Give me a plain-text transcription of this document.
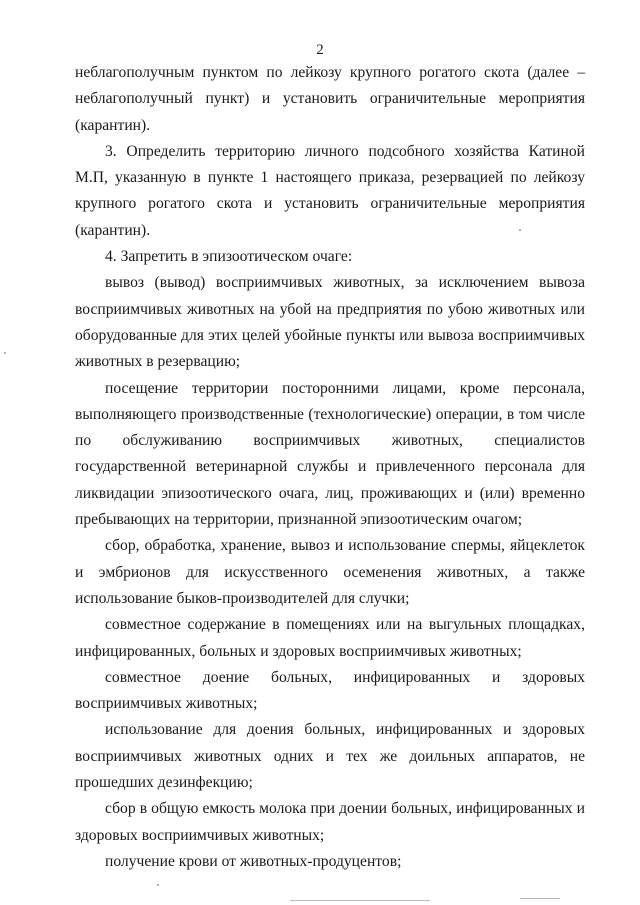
2

неблагополучным пунктом по лейкозу крупного рогатого скота (далее – неблагополучный пункт) и установить ограничительные мероприятия (карантин).

3. Определить территорию личного подсобного хозяйства Катиной М.П, указанную в пункте 1 настоящего приказа, резервацией по лейкозу крупного рогатого скота и установить ограничительные мероприятия (карантин).

4. Запретить в эпизоотическом очаге:

вывоз (вывод) восприимчивых животных, за исключением вывоза восприимчивых животных на убой на предприятия по убою животных или оборудованные для этих целей убойные пункты или вывоза восприимчивых животных в резервацию;

посещение территории посторонними лицами, кроме персонала, выполняющего производственные (технологические) операции, в том числе по обслуживанию восприимчивых животных, специалистов государственной ветеринарной службы и привлеченного персонала для ликвидации эпизоотического очага, лиц, проживающих и (или) временно пребывающих на территории, признанной эпизоотическим очагом;

сбор, обработка, хранение, вывоз и использование спермы, яйцеклеток и эмбрионов для искусственного осеменения животных, а также использование быков-производителей для случки;

совместное содержание в помещениях или на выгульных площадках, инфицированных, больных и здоровых восприимчивых животных;

совместное доение больных, инфицированных и здоровых восприимчивых животных;

использование для доения больных, инфицированных и здоровых восприимчивых животных одних и тех же доильных аппаратов, не прошедших дезинфекцию;

сбор в общую емкость молока при доении больных, инфицированных и здоровых восприимчивых животных;

получение крови от животных-продуцентов;
